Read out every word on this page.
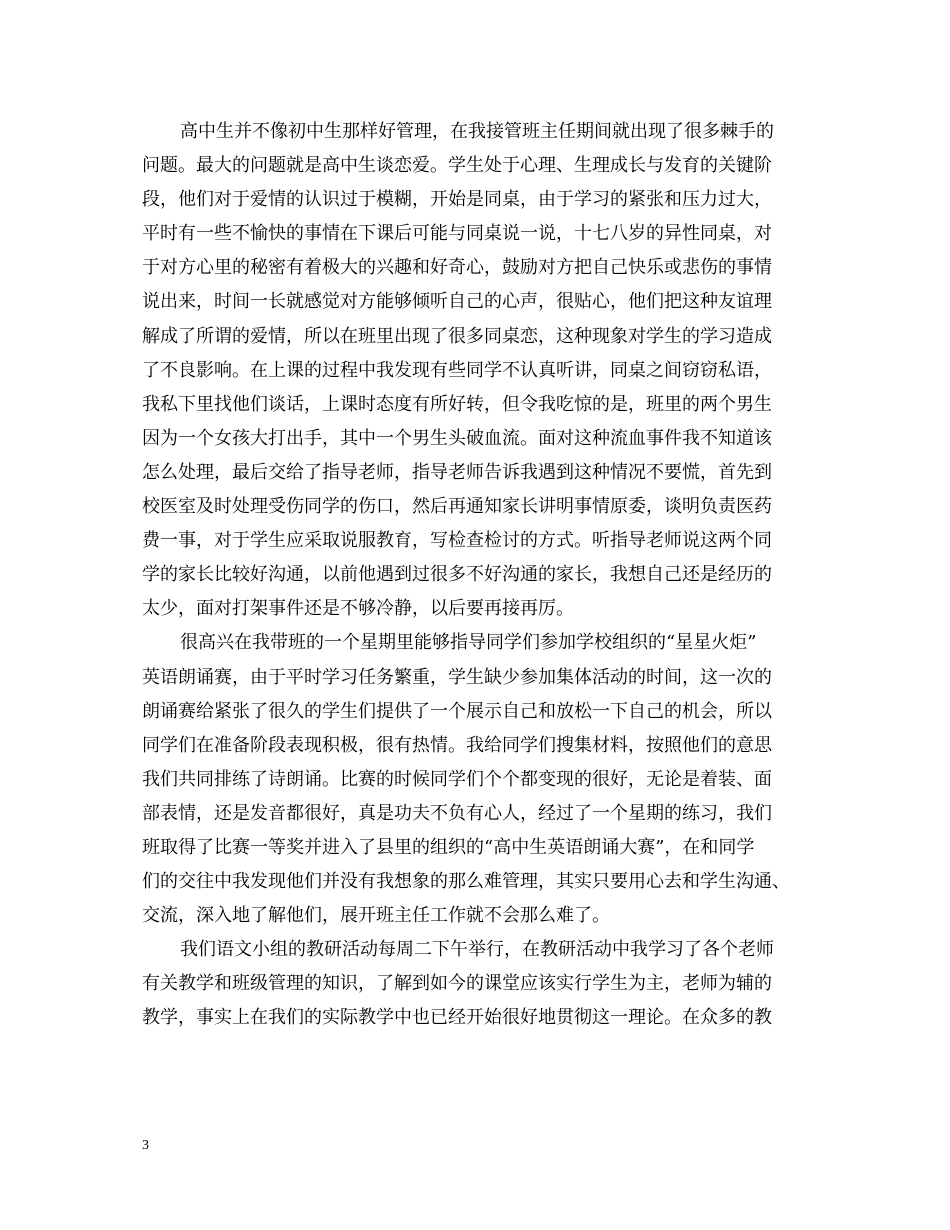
高中生并不像初中生那样好管理，在我接管班主任期间就出现了很多棘手的
问题。最大的问题就是高中生谈恋爱。学生处于心理、生理成长与发育的关键阶
段，他们对于爱情的认识过于模糊，开始是同桌，由于学习的紧张和压力过大，
平时有一些不愉快的事情在下课后可能与同桌说一说，十七八岁的异性同桌，对
于对方心里的秘密有着极大的兴趣和好奇心，鼓励对方把自己快乐或悲伤的事情
说出来，时间一长就感觉对方能够倾听自己的心声，很贴心，他们把这种友谊理
解成了所谓的爱情，所以在班里出现了很多同桌恋，这种现象对学生的学习造成
了不良影响。在上课的过程中我发现有些同学不认真听讲，同桌之间窃窃私语，
我私下里找他们谈话，上课时态度有所好转，但令我吃惊的是，班里的两个男生
因为一个女孩大打出手，其中一个男生头破血流。面对这种流血事件我不知道该
怎么处理，最后交给了指导老师，指导老师告诉我遇到这种情况不要慌，首先到
校医室及时处理受伤同学的伤口，然后再通知家长讲明事情原委，谈明负责医药
费一事，对于学生应采取说服教育，写检查检讨的方式。听指导老师说这两个同
学的家长比较好沟通，以前他遇到过很多不好沟通的家长，我想自己还是经历的
太少，面对打架事件还是不够冷静，以后要再接再厉。
很高兴在我带班的一个星期里能够指导同学们参加学校组织的“星星火炬”
英语朗诵赛，由于平时学习任务繁重，学生缺少参加集体活动的时间，这一次的
朗诵赛给紧张了很久的学生们提供了一个展示自己和放松一下自己的机会，所以
同学们在准备阶段表现积极，很有热情。我给同学们搜集材料，按照他们的意思
我们共同排练了诗朗诵。比赛的时候同学们个个都变现的很好，无论是着装、面
部表情，还是发音都很好，真是功夫不负有心人，经过了一个星期的练习，我们
班取得了比赛一等奖并进入了县里的组织的“高中生英语朗诵大赛”，在和同学
们的交往中我发现他们并没有我想象的那么难管理，其实只要用心去和学生沟通、
交流，深入地了解他们，展开班主任工作就不会那么难了。
我们语文小组的教研活动每周二下午举行，在教研活动中我学习了各个老师
有关教学和班级管理的知识，了解到如今的课堂应该实行学生为主，老师为辅的
教学，事实上在我们的实际教学中也已经开始很好地贯彻这一理论。在众多的教
3
